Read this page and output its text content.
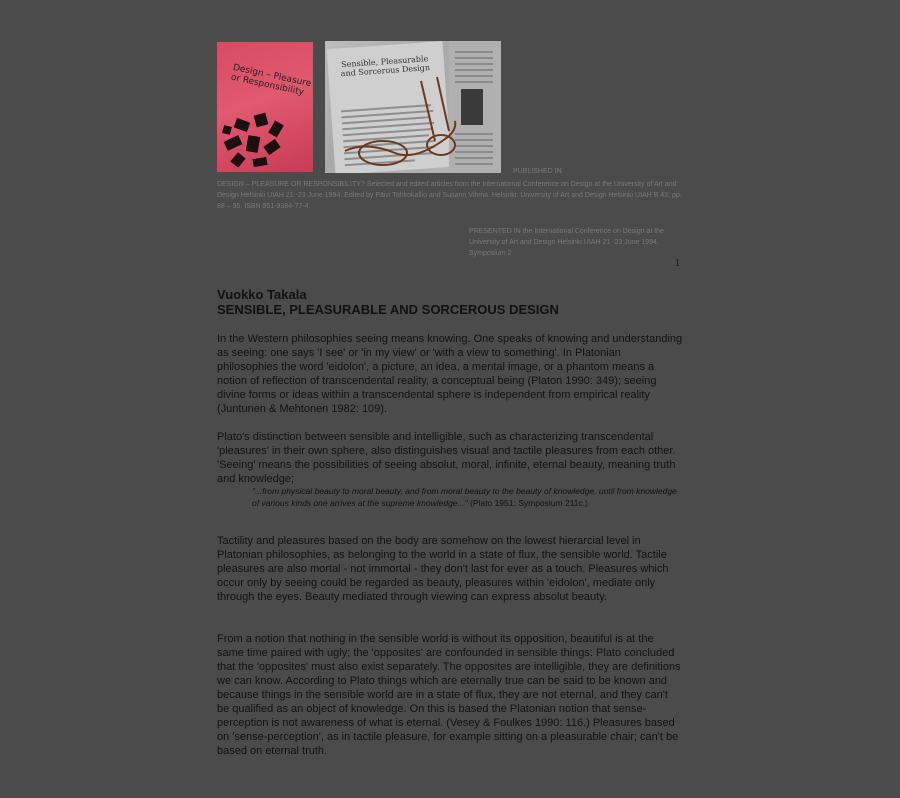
Design – Pleasure or Responsibility
Sensible, Pleasurable and Sorcerous Design
PUBLISHED IN
DESIGN – PLEASURE OR RESPONSIBILITY? Selected and edited articles from the International Conference on Design at the University of Art and Design Helsinki UIAH 21 -23 June 1994. Edited by Päivi Tahkokallio and Susann Vihma. Helsinki: University of Art and Design Helsinki UIAH B 43, pp. 88 – 95. ISBN 951-9384-77-4.
PRESENTED IN the International Conference on Design at the University of Art and Design Helsinki UIAH 21 -23 June 1994, Symposium 2
1
Vuokko Takala
SENSIBLE, PLEASURABLE AND SORCEROUS DESIGN
In the Western philosophies seeing means knowing. One speaks of knowing and understanding as seeing: one says 'I see' or 'in my view' or 'with a view to something'. In Platonian philosophies the word 'eidolon', a picture, an idea, a mental image, or a phantom means a notion of reflection of transcendental reality, a conceptual being (Platon 1990: 349); seeing divine forms or ideas within a transcendental sphere is independent from empirical reality (Juntunen & Mehtonen 1982: 109).
Plato's distinction between sensible and intelligible, such as characterizing transcendental 'pleasures' in their own sphere, also distinguishes visual and tactile pleasures from each other. 'Seeing' means the possibilities of seeing absolut, moral, infinite, eternal beauty, meaning truth and knowledge;
"...from physical beauty to moral beauty, and from moral beauty to the beauty of knowledge, until from knowledge of various kinds one arrives at the supreme knowledge..." (Plato 1951: Symposium 211c.)
Tactility and pleasures based on the body are somehow on the lowest hierarcial level in Platonian philosophies, as belonging to the world in a state of flux, the sensible world. Tactile pleasures are also mortal - not immortal - they don't last for ever as a touch. Pleasures which occur only by seeing could be regarded as beauty, pleasures within 'eidolon', mediate only through the eyes. Beauty mediated through viewing can express absolut beauty.
From a notion that nothing in the sensible world is without its opposition, beautiful is at the same time paired with ugly; the 'opposites' are confounded in sensible things: Plato concluded that the 'opposites' must also exist separately. The opposites are intelligible, they are definitions we can know. According to Plato things which are eternally true can be said to be known and because things in the sensible world are in a state of flux, they are not eternal, and they can't be qualified as an object of knowledge. On this is based the Platonian notion that sense-perception is not awareness of what is eternal. (Vesey & Foulkes 1990: 116.) Pleasures based on 'sense-perception', as in tactile pleasure, for example sitting on a pleasurable chair; can't be based on eternal truth.
